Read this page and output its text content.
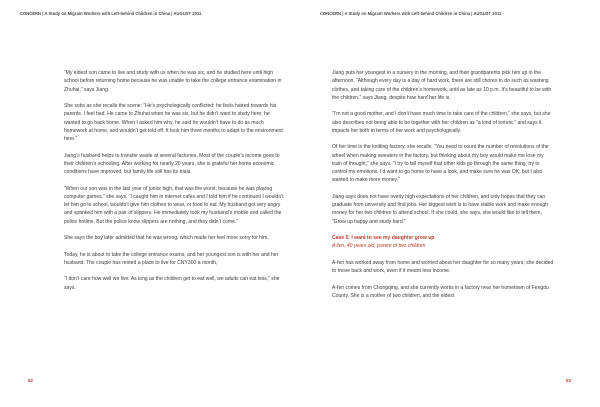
CONCERN | A Study on Migrant Workers with Left-behind Children in China | AUGUST 2011	CONCERN | A Study on Migrant Workers with Left-behind Children in China | AUGUST 2011

“My eldest son came to live and study with us when he was six, and he studied here until high school before returning home because he was unable to take the college entrance examination in Zhuhai,” says Jiang.

She sobs as she recalls the scene: “He’s psychologically conflicted; he feels hatred towards his parents. I feel bad. He came to Zhuhai when he was six, but he didn’t want to study here; he wanted to go back home. When I asked him why, he said he wouldn’t have to do as much homework at home, and wouldn’t get told off. It took him three months to adapt to the environment here.”

Jiang’s husband helps to transfer waste at several factories. Most of the couple’s income goes to their children’s schooling. After working for nearly 20 years, she is grateful her home economic conditions have improved, but family life still has its trials.

“When our son was in the last year of junior high, that was the worst, because he was playing computer games,” she says. “I caught him in internet cafes and I told him if he continued I wouldn’t let him go to school, wouldn’t give him clothes to wear, or food to eat. My husband got very angry and spanked him with a pair of slippers. He immediately took my husband’s mobile and called the police hotline. But the police know slippers are nothing, and they didn’t come.”

She says the boy later admitted that he was wrong, which made her feel more sorry for him.

Today, he is about to take the college entrance exams, and her youngest son is with her and her husband. The couple has rented a place to live for CNY300 a month,

“I don’t care how well we live. As long as the children get to eat well, we adults can eat less,” she says.

Jiang puts her youngest in a nursery in the morning, and their grandparents pick him up in the afternoon. “Although every day is a day of hard work, there are still chores to do such as washing clothes, and taking care of the children’s homework, until as late as 10 p.m. It’s beautiful to be with the children,” says Jiang, despite how hard her life is.

“I’m not a good mother, and I don’t have much time to take care of the children,” she says, but she also describes not being able to be together with her children as “a kind of torture,” and says it impacts her both in terms of her work and psychologically.

Of her time in the knitting factory, she recalls, “You need to count the number of revolutions of the wheel when making sweaters in the factory, but thinking about my boy would make me lose my train of thought,” she says. “I try to tell myself that other kids go through the same thing, try to control my emotions. I’d want to go home to have a look, and make sure he was OK, but I also wanted to make more money.”

Jiang says does not have overly high expectations of her children, and only hopes that they can graduate from university and find jobs. Her biggest wish is to have stable work and make enough money for her two children to attend school. If she could, she says, she would like to tell them, “Grow up happy and study hard.”

Case 5: I want to see my daughter grow up

A-fen, 40 years old, parent of two children

A-fen has worked away from home and worried about her daughter for so many years, she decided to move back and work, even if it meant less income.

A-fen comes from Chongqing, and she currently works in a factory near her hometown of Fengdu County. She is a mother of two children, and the eldest

62	63
